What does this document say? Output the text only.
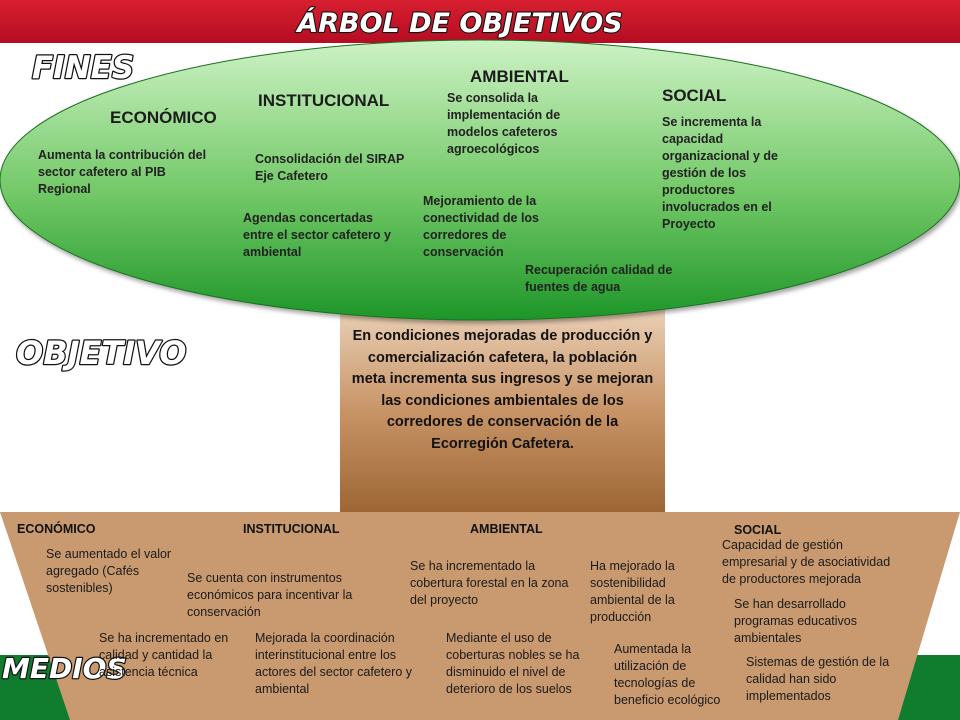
ÁRBOL DE OBJETIVOS
FINES
OBJETIVO
MEDIOS
ECONÓMICO
INSTITUCIONAL
AMBIENTAL
SOCIAL
Aumenta la contribución del sector cafetero al PIB Regional
Consolidación del SIRAP Eje Cafetero
Agendas concertadas entre el sector cafetero y ambiental
Se consolida la implementación de modelos cafeteros agroecológicos
Mejoramiento de la conectividad de los corredores de conservación
Recuperación calidad de fuentes de agua
Se incrementa la capacidad organizacional y de gestión de los productores involucrados en el Proyecto
En condiciones mejoradas de producción y comercialización cafetera, la población meta incrementa sus ingresos y se mejoran las condiciones ambientales de los corredores de conservación de la Ecorregión Cafetera.
ECONÓMICO	INSTITUCIONAL	AMBIENTAL	SOCIAL
Se aumentado el valor agregado (Cafés sostenibles)
Se ha incrementado en calidad y cantidad la asistencia técnica
Se cuenta con instrumentos económicos para incentivar la conservación
Mejorada la coordinación interinstitucional entre los actores del sector cafetero y ambiental
Se ha incrementado la cobertura forestal en la zona del proyecto
Mediante el uso de coberturas nobles se ha disminuido el nivel de deterioro de los suelos
Ha mejorado la sostenibilidad ambiental de la producción
Aumentada la utilización de tecnologías de beneficio ecológico
Capacidad de gestión empresarial y de asociatividad de productores mejorada
Se han desarrollado programas educativos ambientales
Sistemas de gestión de la calidad han sido implementados
